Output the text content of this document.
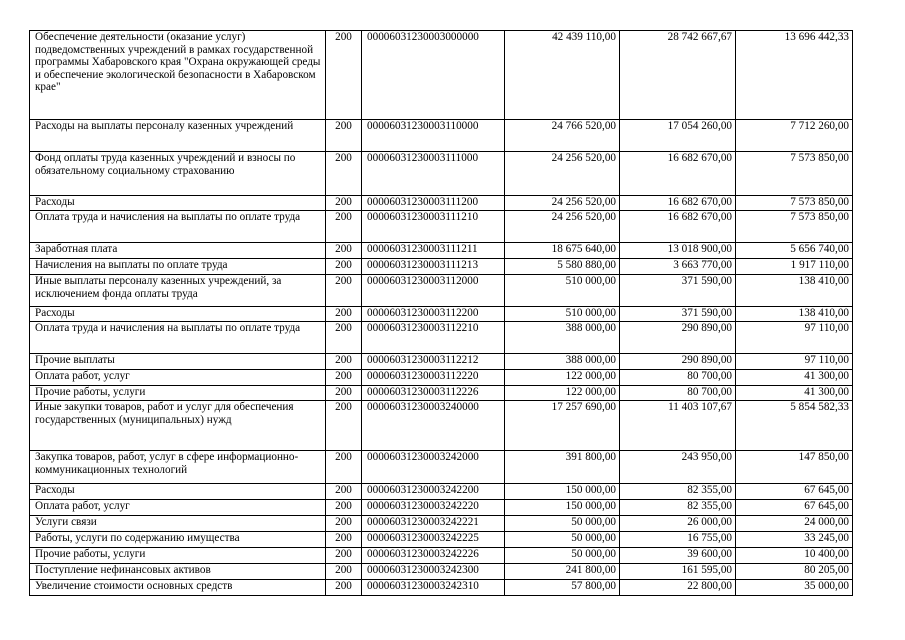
Обеспечение деятельности (оказание услуг) подведомственных учреждений в рамках государственной программы Хабаровского края "Охрана окружающей среды и обеспечение экологической безопасности в Хабаровском крае"	200	00006031230003000000	42 439 110,00	28 742 667,67	13 696 442,33
Расходы на выплаты персоналу казенных учреждений	200	00006031230003110000	24 766 520,00	17 054 260,00	7 712 260,00
Фонд оплаты труда казенных учреждений и взносы по обязательному социальному страхованию	200	00006031230003111000	24 256 520,00	16 682 670,00	7 573 850,00
Расходы	200	00006031230003111200	24 256 520,00	16 682 670,00	7 573 850,00
Оплата труда и начисления на выплаты по оплате труда	200	00006031230003111210	24 256 520,00	16 682 670,00	7 573 850,00
Заработная плата	200	00006031230003111211	18 675 640,00	13 018 900,00	5 656 740,00
Начисления на выплаты по оплате труда	200	00006031230003111213	5 580 880,00	3 663 770,00	1 917 110,00
Иные выплаты персоналу казенных учреждений, за исключением фонда оплаты труда	200	00006031230003112000	510 000,00	371 590,00	138 410,00
Расходы	200	00006031230003112200	510 000,00	371 590,00	138 410,00
Оплата труда и начисления на выплаты по оплате труда	200	00006031230003112210	388 000,00	290 890,00	97 110,00
Прочие выплаты	200	00006031230003112212	388 000,00	290 890,00	97 110,00
Оплата работ, услуг	200	00006031230003112220	122 000,00	80 700,00	41 300,00
Прочие работы, услуги	200	00006031230003112226	122 000,00	80 700,00	41 300,00
Иные закупки товаров, работ и услуг для обеспечения государственных (муниципальных) нужд	200	00006031230003240000	17 257 690,00	11 403 107,67	5 854 582,33
Закупка товаров, работ, услуг в сфере информационно-коммуникационных технологий	200	00006031230003242000	391 800,00	243 950,00	147 850,00
Расходы	200	00006031230003242200	150 000,00	82 355,00	67 645,00
Оплата работ, услуг	200	00006031230003242220	150 000,00	82 355,00	67 645,00
Услуги связи	200	00006031230003242221	50 000,00	26 000,00	24 000,00
Работы, услуги по содержанию имущества	200	00006031230003242225	50 000,00	16 755,00	33 245,00
Прочие работы, услуги	200	00006031230003242226	50 000,00	39 600,00	10 400,00
Поступление нефинансовых активов	200	00006031230003242300	241 800,00	161 595,00	80 205,00
Увеличение стоимости основных средств	200	00006031230003242310	57 800,00	22 800,00	35 000,00
